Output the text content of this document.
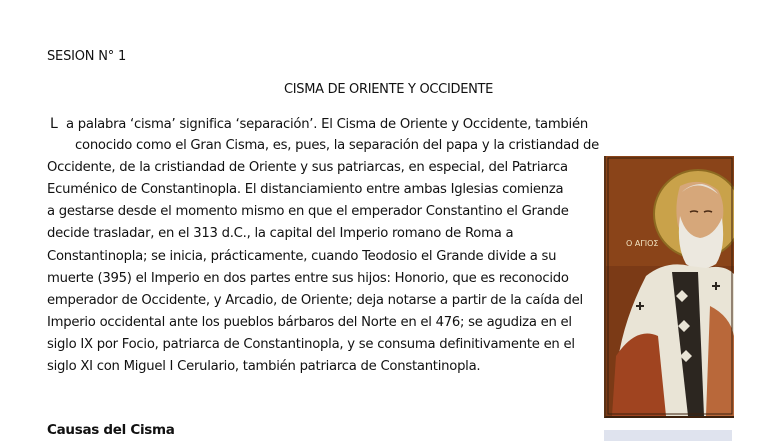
SESION N° 1
CISMA DE ORIENTE Y OCCIDENTE
L a palabra ‘cisma’ significa ‘separación’. El Cisma de Oriente y Occidente, también
conocido como el Gran Cisma, es, pues, la separación del papa y la cristiandad de
Occidente, de la cristiandad de Oriente y sus patriarcas, en especial, del Patriarca
Ecuménico de Constantinopla. El distanciamiento entre ambas Iglesias comienza
a gestarse desde el momento mismo en que el emperador Constantino el Grande
decide trasladar, en el 313 d.C., la capital del Imperio romano de Roma a
Constantinopla; se inicia, prácticamente, cuando Teodosio el Grande divide a su
muerte (395) el Imperio en dos partes entre sus hijos: Honorio, que es reconocido
emperador de Occidente, y Arcadio, de Oriente; deja notarse a partir de la caída del
Imperio occidental ante los pueblos bárbaros del Norte en el 476; se agudiza en el
siglo IX por Focio, patriarca de Constantinopla, y se consuma definitivamente en el
siglo XI con Miguel I Cerulario, también patriarca de Constantinopla.
Causas del Cisma
Ο ΑΓΙΟΣ
